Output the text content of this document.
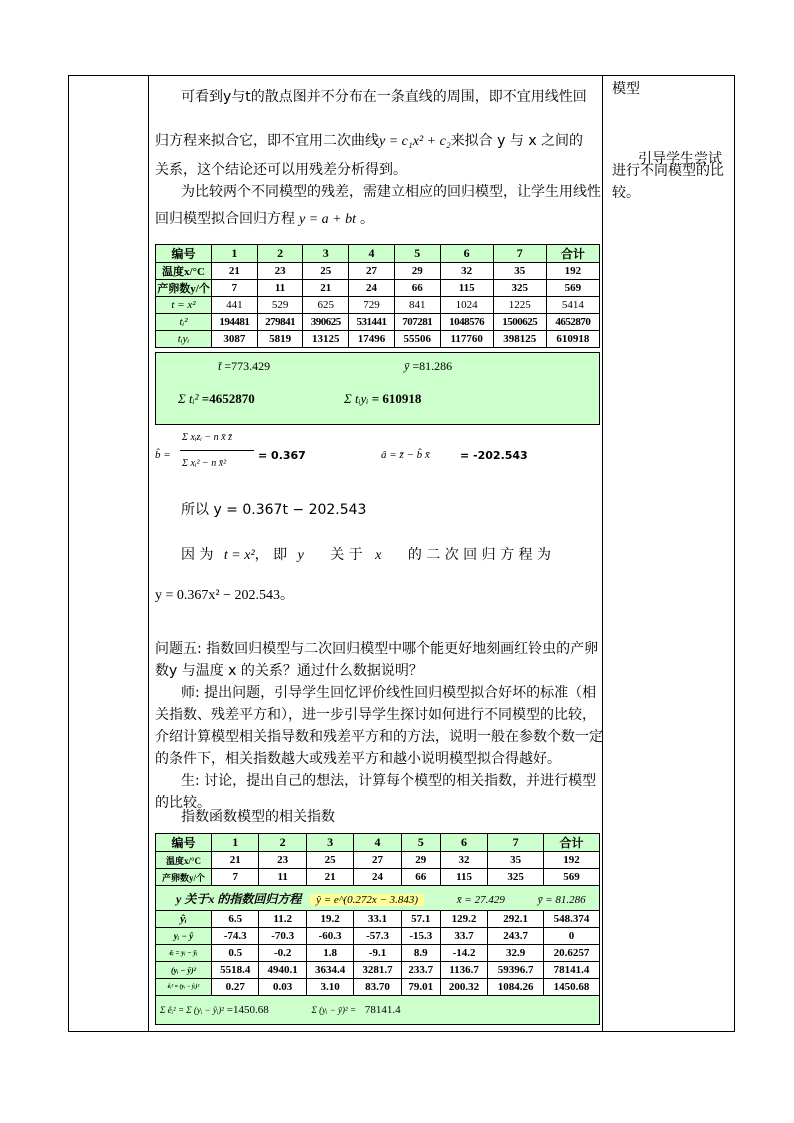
模型
引导学生尝试
进行不同模型的比
较。
可看到y与t的散点图并不分布在一条直线的周围，即不宜用线性回
归方程来拟合它，即不宜用二次曲线y = c₁x² + c₂来拟合 y 与 x 之间的
关系，这个结论还可以用残差分析得到。
为比较两个不同模型的残差，需建立相应的回归模型，让学生用线性
回归模型拟合回归方程 y = a + bt 。
编号	1	2	3	4	5	6	7	合计
温度x/°C	21	23	25	27	29	32	35	192
产卵数y/个	7	11	21	24	66	115	325	569
t = x²	441	529	625	729	841	1024	1225	5414
tᵢ²	194481	279841	390625	531441	707281	1048576	1500625	4652870
tᵢyᵢ	3087	5819	13125	17496	55506	117760	398125	610918
t̄ =773.429	ȳ =81.286
Σ tᵢ² =4652870	Σ tᵢyᵢ = 610918
b̂ =
Σ xᵢzᵢ − n x̄ z̄
Σ xᵢ² − n x̄²
= 0.367	â = z̄ − b̂ x̄	= -202.543
所以 y = 0.367t − 202.543
因 为 t = x²， 即 y 关 于 x 的 二 次 回 归 方 程 为
y = 0.367x² − 202.543。
问题五: 指数回归模型与二次回归模型中哪个能更好地刻画红铃虫的产卵
数y 与温度 x 的关系？通过什么数据说明？
师: 提出问题，引导学生回忆评价线性回归模型拟合好坏的标准（相
关指数、残差平方和），进一步引导学生探讨如何进行不同模型的比较，
介绍计算模型相关指导数和残差平方和的方法，说明一般在参数个数一定
的条件下，相关指数越大或残差平方和越小说明模型拟合得越好。
生: 讨论，提出自己的想法，计算每个模型的相关指数，并进行模型
的比较。
指数函数模型的相关指数
编号	1	2	3	4	5	6	7	合计
温度x/°C	21	23	25	27	29	32	35	192
产卵数y/个	7	11	21	24	66	115	325	569
y 关于x 的指数回归方程 ŷ = e^(0.272x − 3.843) x̄ = 27.429 ȳ = 81.286								
ŷᵢ	6.5	11.2	19.2	33.1	57.1	129.2	292.1	548.374
yᵢ − ȳ	-74.3	-70.3	-60.3	-57.3	-15.3	33.7	243.7	0
êᵢ = yᵢ − ŷᵢ	0.5	-0.2	1.8	-9.1	8.9	-14.2	32.9	20.6257
(yᵢ − ȳ)²	5518.4	4940.1	3634.4	3281.7	233.7	1136.7	59396.7	78141.4
êᵢ² = (yᵢ − ŷᵢ)²	0.27	0.03	3.10	83.70	79.01	200.32	1084.26	1450.68
Σ êᵢ² = Σ (yᵢ − ŷᵢ)² =1450.68 Σ (yᵢ − ȳ)² = 78141.4								
